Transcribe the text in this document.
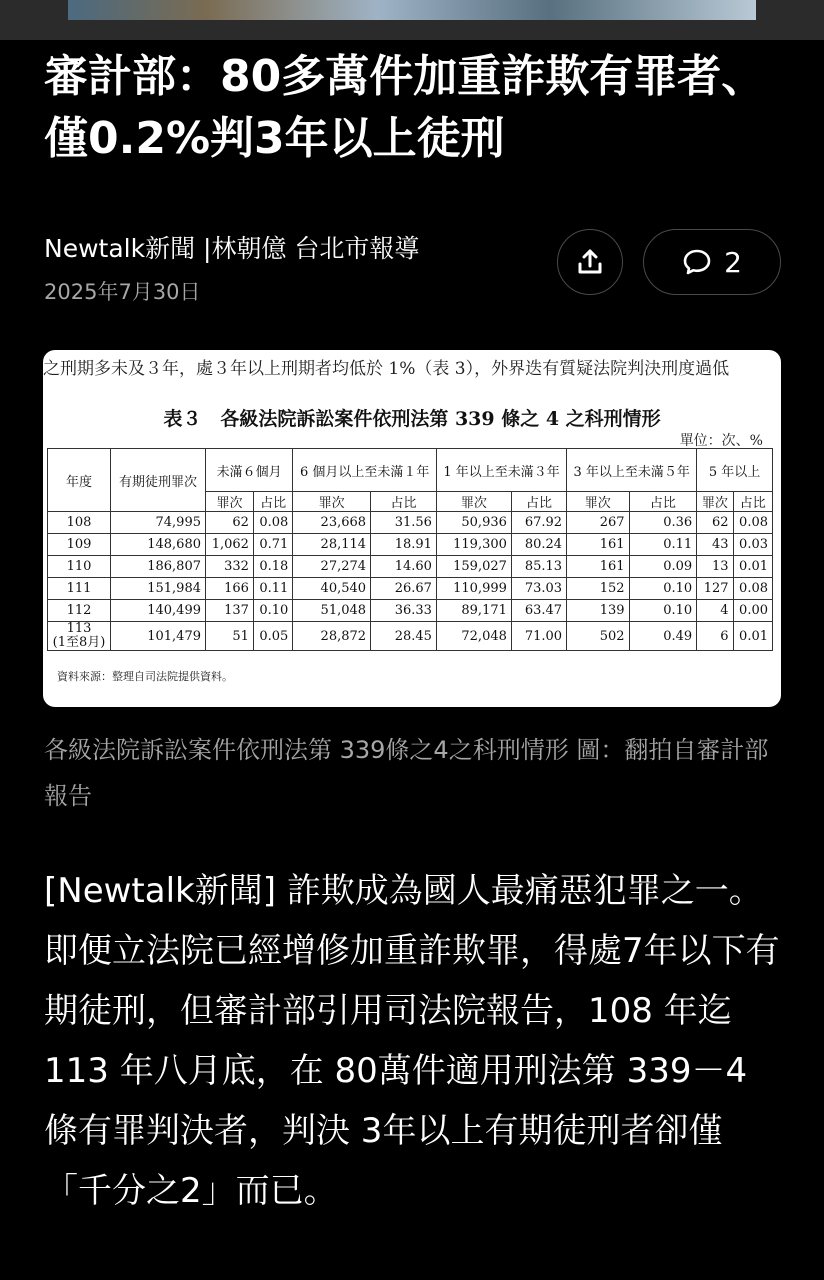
審計部：80多萬件加重詐欺有罪者、僅0.2%判3年以上徒刑
Newtalk新聞 |林朝億 台北市報導
2025年7月30日
2
之刑期多未及３年，處３年以上刑期者均低於 1%（表 3），外界迭有質疑法院判決刑度過低
表３　各級法院訴訟案件依刑法第 339 條之 4 之科刑情形
單位：次、%
年度	有期徒刑罪次	未滿６個月		6 個月以上至未滿１年		1 年以上至未滿３年		3 年以上至未滿５年		5 年以上	
		罪次	占比	罪次	占比	罪次	占比	罪次	占比	罪次	占比
108	74,995	62	0.08	23,668	31.56	50,936	67.92	267	0.36	62	0.08
109	148,680	1,062	0.71	28,114	18.91	119,300	80.24	161	0.11	43	0.03
110	186,807	332	0.18	27,274	14.60	159,027	85.13	161	0.09	13	0.01
111	151,984	166	0.11	40,540	26.67	110,999	73.03	152	0.10	127	0.08
112	140,499	137	0.10	51,048	36.33	89,171	63.47	139	0.10	4	0.00
113
(1至8月)	101,479	51	0.05	28,872	28.45	72,048	71.00	502	0.49	6	0.01
資料來源：整理自司法院提供資料。
各級法院訴訟案件依刑法第 339條之4之科刑情形 圖：翻拍自審計部報告
[Newtalk新聞] 詐欺成為國人最痛惡犯罪之一。即便立法院已經增修加重詐欺罪，得處7年以下有期徒刑，但審計部引用司法院報告，108 年迄 113 年八月底，在 80萬件適用刑法第 339－4 條有罪判決者，判決 3年以上有期徒刑者卻僅「千分之2」而已。
